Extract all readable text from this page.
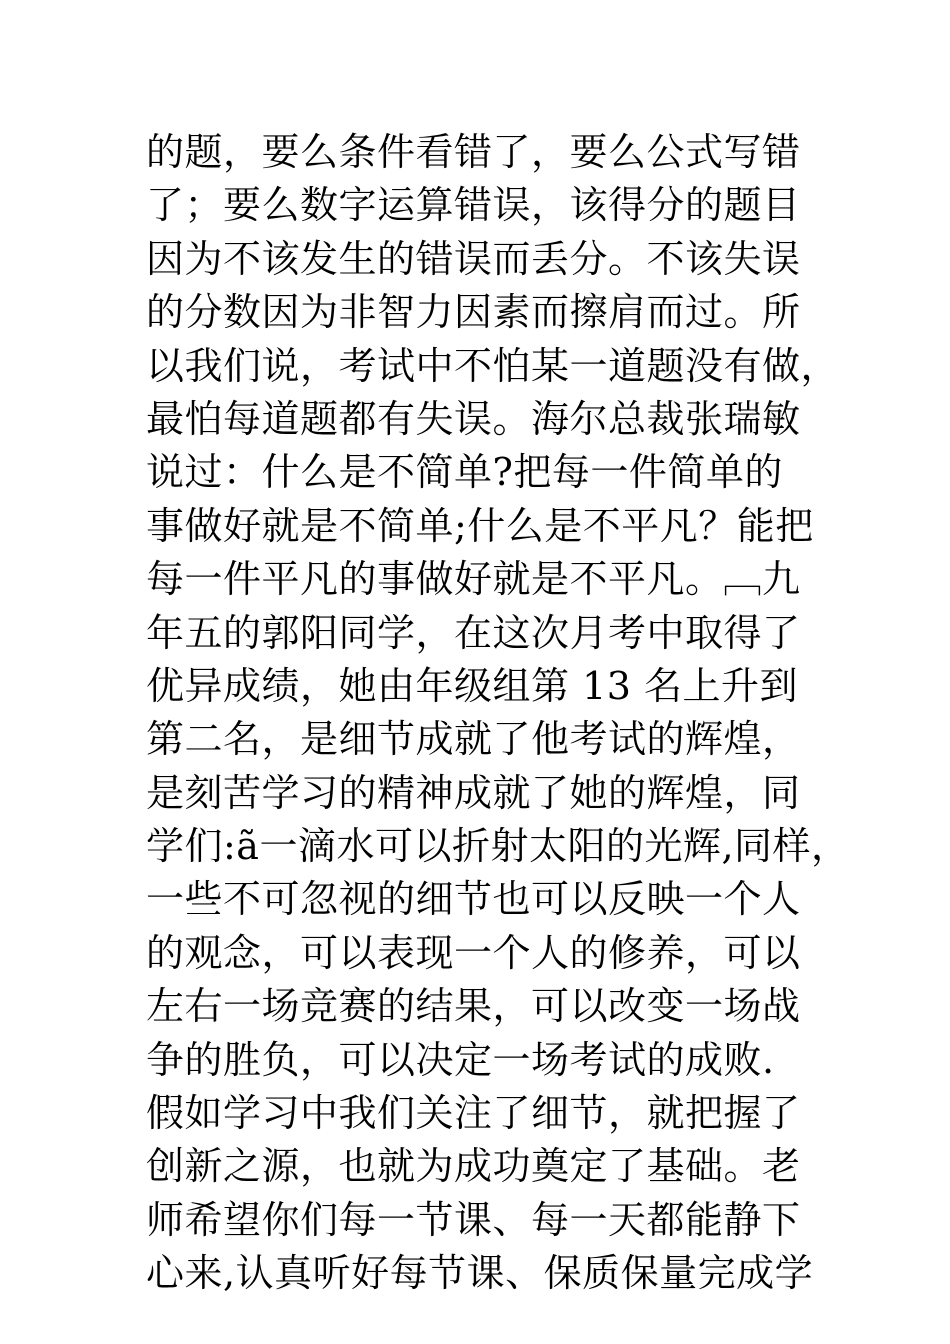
的题，要么条件看错了，要么公式写错
了；要么数字运算错误，该得分的题目
因为不该发生的错误而丢分。不该失误
的分数因为非智力因素而擦肩而过。所
以我们说，考试中不怕某一道题没有做，
最怕每道题都有失误。海尔总裁张瑞敏
说过：什么是不简单?把每一件简单的
事做好就是不简单;什么是不平凡？能把
每一件平凡的事做好就是不平凡。﹇九
年五的郭阳同学，在这次月考中取得了
优异成绩，她由年级组第 13 名上升到
第二名，是细节成就了他考试的辉煌，
是刻苦学习的精神成就了她的辉煌，同
学们:ã一滴水可以折射太阳的光辉,同样，
一些不可忽视的细节也可以反映一个人
的观念，可以表现一个人的修养，可以
左右一场竞赛的结果，可以改变一场战
争的胜负，可以决定一场考试的成败.
假如学习中我们关注了细节，就把握了
创新之源，也就为成功奠定了基础。老
师希望你们每一节课、每一天都能静下
心来,认真听好每节课、保质保量完成学
